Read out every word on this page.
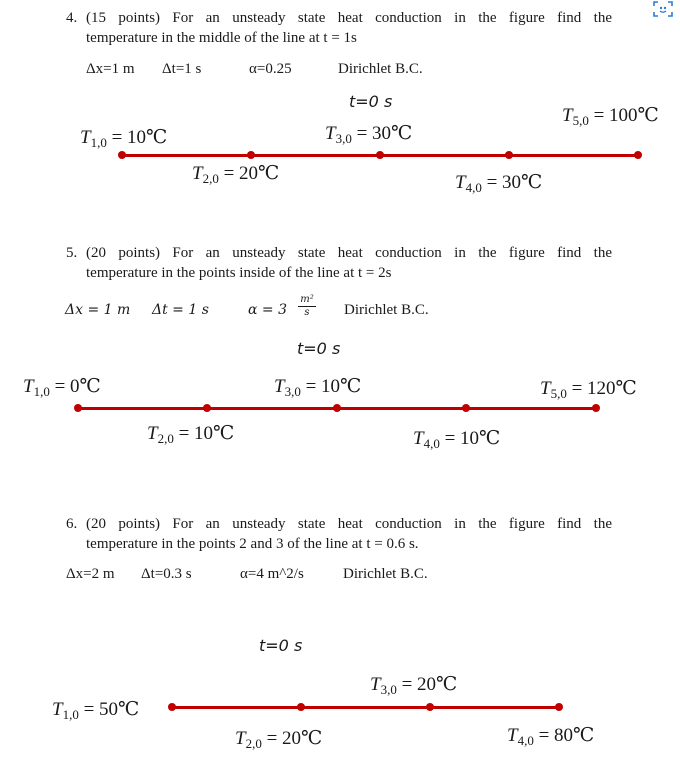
4. (15 points) For an unsteady state heat conduction in the figure find the
temperature in the middle of the line at t = 1s
Δx=1 m Δt=1 s	α=0.25	Dirichlet B.C.
t=0 s
$T_{1,0}$ = 10℃
$T_{2,0}$ = 20℃
$T_{3,0}$ = 30℃
$T_{4,0}$ = 30℃
$T_{5,0}$ = 100℃
5. (20 points) For an unsteady state heat conduction in the figure find the
temperature in the points inside of the line at t = 2s
Δx = 1 m Δt = 1 s	α = 3
m²
s	Dirichlet B.C.
t=0 s
$T_{1,0}$ = 0℃
$T_{2,0}$ = 10℃
$T_{3,0}$ = 10℃
$T_{4,0}$ = 10℃
$T_{5,0}$ = 120℃
6. (20 points) For an unsteady state heat conduction in the figure find the
temperature in the points 2 and 3 of the line at t = 0.6 s.
Δx=2 m Δt=0.3 s	α=4 m^2/s	Dirichlet B.C.
t=0 s
$T_{1,0}$ = 50℃
$T_{2,0}$ = 20℃
$T_{3,0}$ = 20℃
$T_{4,0}$ = 80℃
